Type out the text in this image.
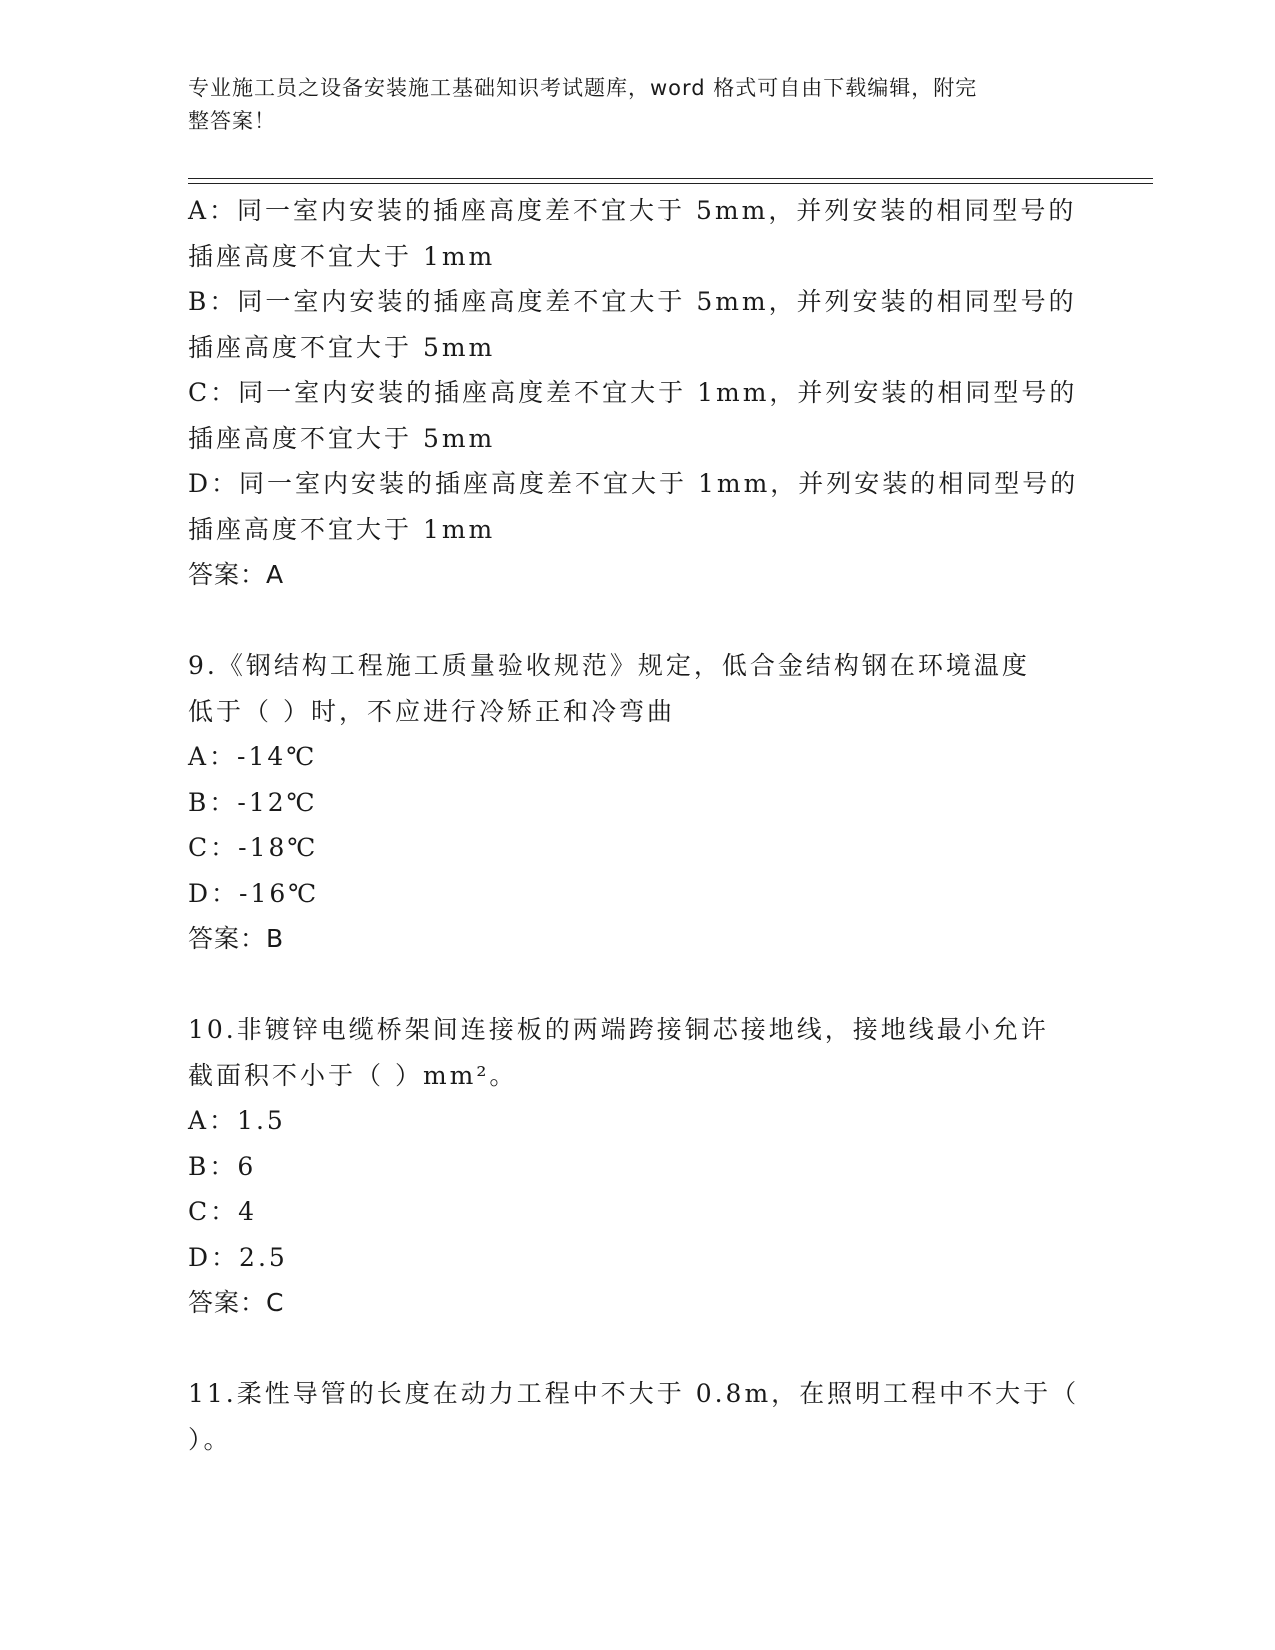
专业施工员之设备安装施工基础知识考试题库，word 格式可自由下载编辑，附完
整答案！
A：同一室内安装的插座高度差不宜大于 5mm，并列安装的相同型号的
插座高度不宜大于 1mm
B：同一室内安装的插座高度差不宜大于 5mm，并列安装的相同型号的
插座高度不宜大于 5mm
C：同一室内安装的插座高度差不宜大于 1mm，并列安装的相同型号的
插座高度不宜大于 5mm
D：同一室内安装的插座高度差不宜大于 1mm，并列安装的相同型号的
插座高度不宜大于 1mm
答案：A
9.《钢结构工程施工质量验收规范》规定，低合金结构钢在环境温度
低于（ ）时，不应进行冷矫正和冷弯曲
A：-14℃
B：-12℃
C：-18℃
D：-16℃
答案：B
10.非镀锌电缆桥架间连接板的两端跨接铜芯接地线，接地线最小允许
截面积不小于（ ）mm²。
A：1.5
B：6
C：4
D：2.5
答案：C
11.柔性导管的长度在动力工程中不大于 0.8m，在照明工程中不大于（
）。
